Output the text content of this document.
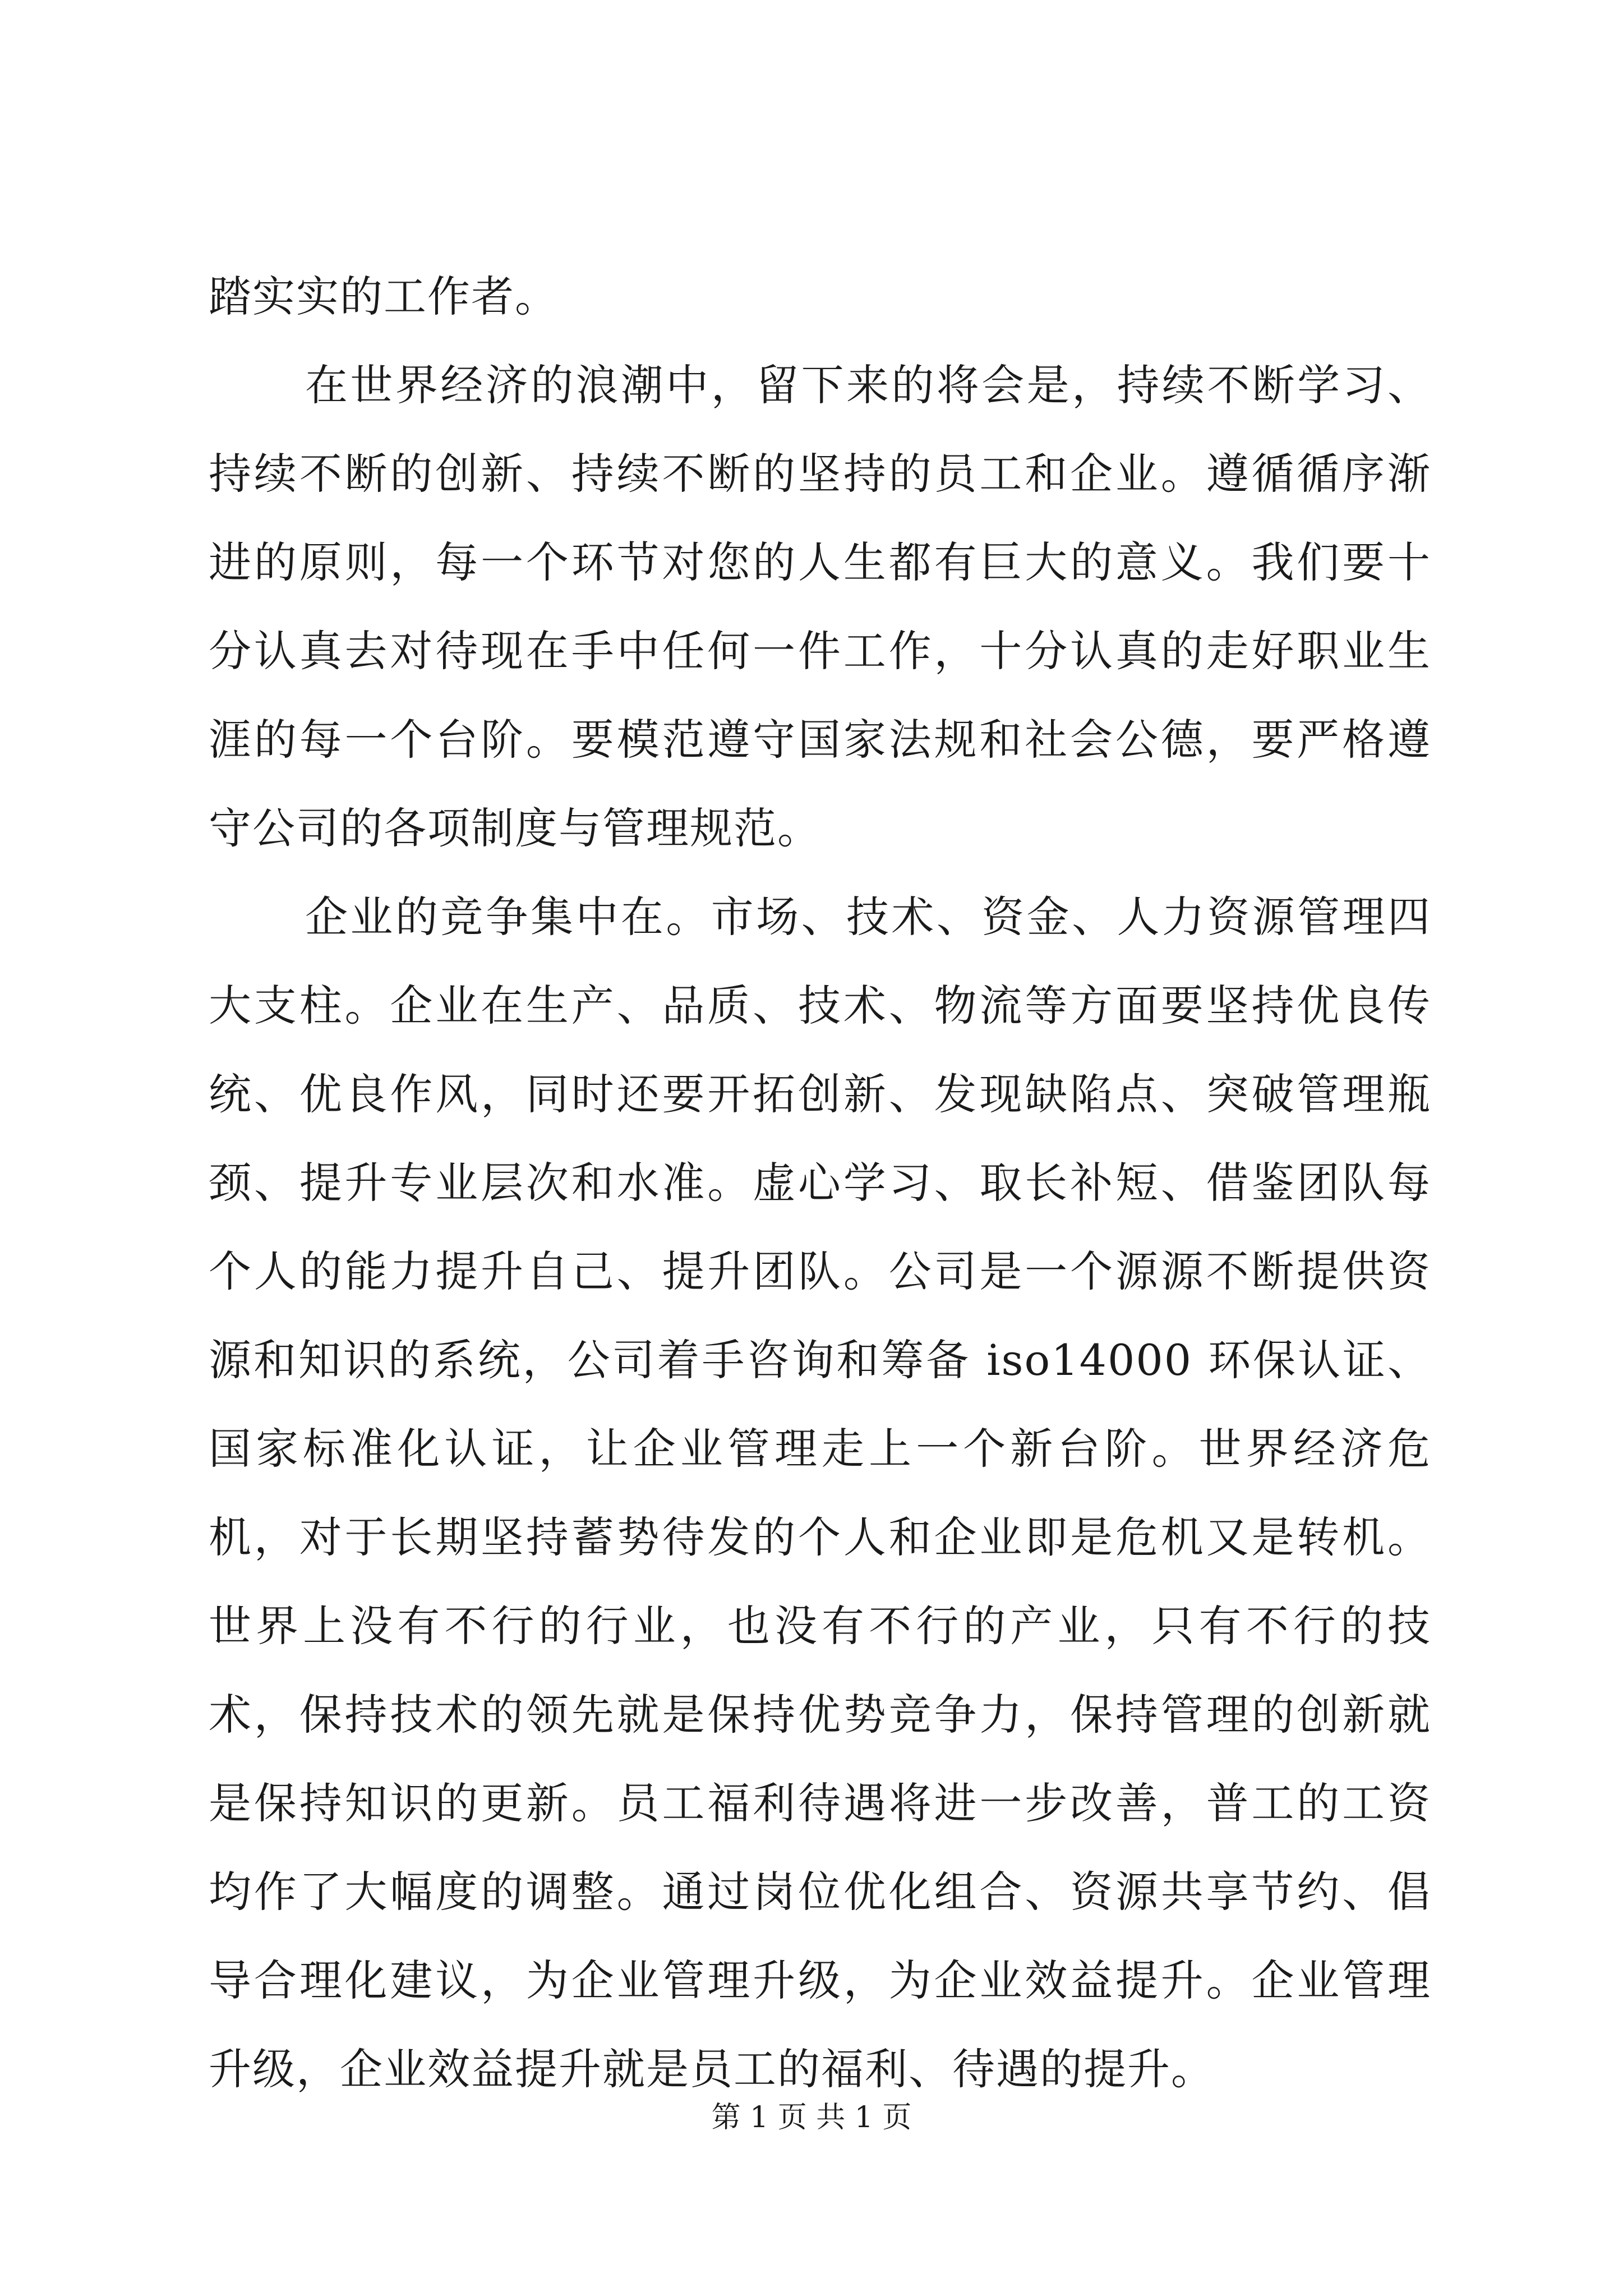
踏实实的工作者。

在世界经济的浪潮中，留下来的将会是，持续不断学习、持续不断的创新、持续不断的坚持的员工和企业。遵循循序渐进的原则，每一个环节对您的人生都有巨大的意义。我们要十分认真去对待现在手中任何一件工作，十分认真的走好职业生涯的每一个台阶。要模范遵守国家法规和社会公德，要严格遵守公司的各项制度与管理规范。

企业的竞争集中在。市场、技术、资金、人力资源管理四大支柱。企业在生产、品质、技术、物流等方面要坚持优良传统、优良作风，同时还要开拓创新、发现缺陷点、突破管理瓶颈、提升专业层次和水准。虚心学习、取长补短、借鉴团队每个人的能力提升自己、提升团队。公司是一个源源不断提供资源和知识的系统，公司着手咨询和筹备 iso14000 环保认证、国家标准化认证，让企业管理走上一个新台阶。世界经济危机，对于长期坚持蓄势待发的个人和企业即是危机又是转机。世界上没有不行的行业，也没有不行的产业，只有不行的技术，保持技术的领先就是保持优势竞争力，保持管理的创新就是保持知识的更新。员工福利待遇将进一步改善，普工的工资均作了大幅度的调整。通过岗位优化组合、资源共享节约、倡导合理化建议，为企业管理升级，为企业效益提升。企业管理升级，企业效益提升就是员工的福利、待遇的提升。

第 1 页 共 1 页
